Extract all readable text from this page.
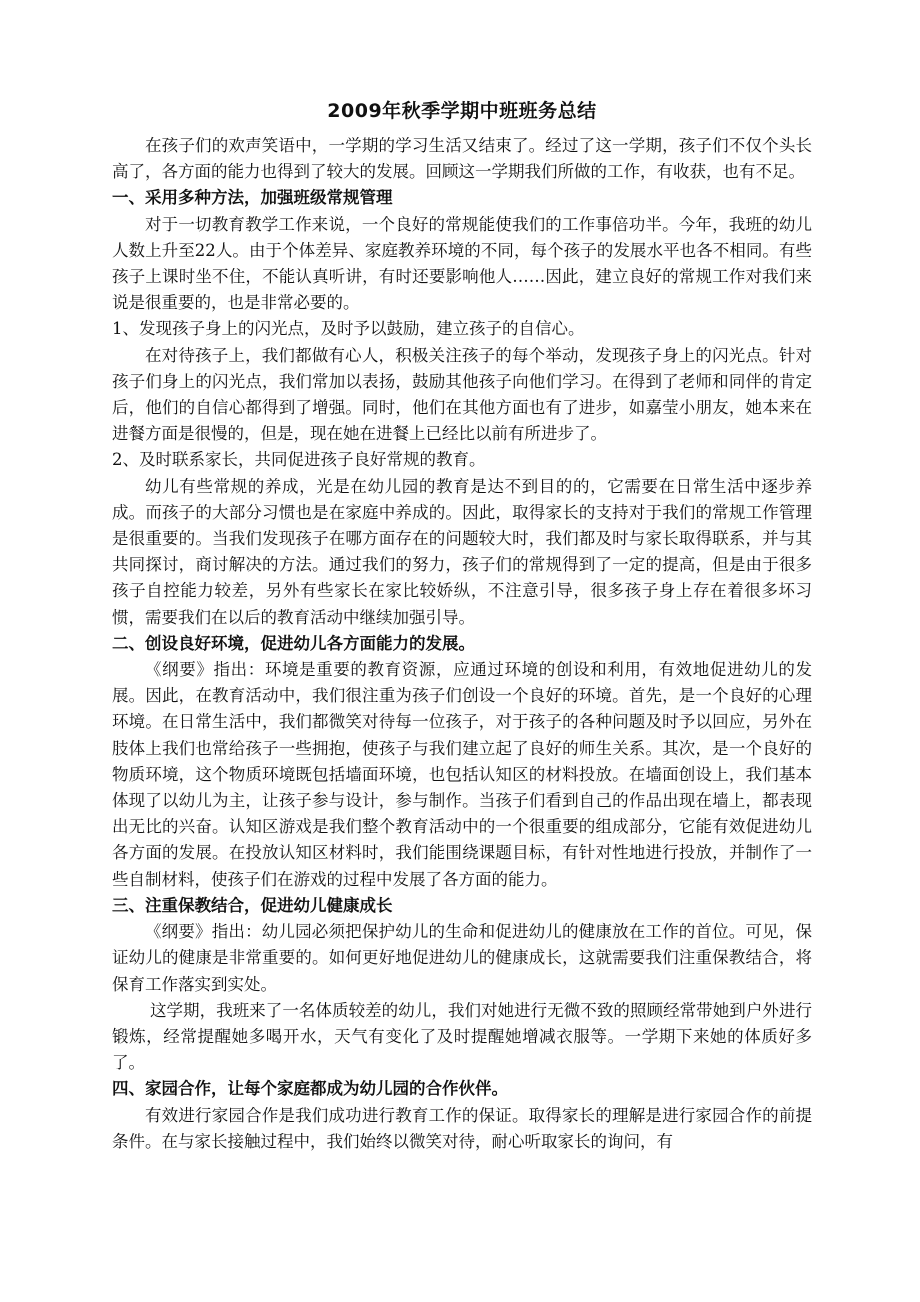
2009年秋季学期中班班务总结

在孩子们的欢声笑语中，一学期的学习生活又结束了。经过了这一学期，孩子们不仅个头长高了，各方面的能力也得到了较大的发展。回顾这一学期我们所做的工作，有收获，也有不足。

一、采用多种方法，加强班级常规管理

对于一切教育教学工作来说，一个良好的常规能使我们的工作事倍功半。今年，我班的幼儿人数上升至22人。由于个体差异、家庭教养环境的不同，每个孩子的发展水平也各不相同。有些孩子上课时坐不住，不能认真听讲，有时还要影响他人……因此，建立良好的常规工作对我们来说是很重要的，也是非常必要的。

1、发现孩子身上的闪光点，及时予以鼓励，建立孩子的自信心。

在对待孩子上，我们都做有心人，积极关注孩子的每个举动，发现孩子身上的闪光点。针对孩子们身上的闪光点，我们常加以表扬，鼓励其他孩子向他们学习。在得到了老师和同伴的肯定后，他们的自信心都得到了增强。同时，他们在其他方面也有了进步，如嘉莹小朋友，她本来在进餐方面是很慢的，但是，现在她在进餐上已经比以前有所进步了。

2、及时联系家长，共同促进孩子良好常规的教育。

幼儿有些常规的养成，光是在幼儿园的教育是达不到目的的，它需要在日常生活中逐步养成。而孩子的大部分习惯也是在家庭中养成的。因此，取得家长的支持对于我们的常规工作管理是很重要的。当我们发现孩子在哪方面存在的问题较大时，我们都及时与家长取得联系，并与其共同探讨，商讨解决的方法。通过我们的努力，孩子们的常规得到了一定的提高，但是由于很多孩子自控能力较差，另外有些家长在家比较娇纵，不注意引导，很多孩子身上存在着很多坏习惯，需要我们在以后的教育活动中继续加强引导。

二、创设良好环境，促进幼儿各方面能力的发展。

《纲要》指出：环境是重要的教育资源，应通过环境的创设和利用，有效地促进幼儿的发展。因此，在教育活动中，我们很注重为孩子们创设一个良好的环境。首先，是一个良好的心理环境。在日常生活中，我们都微笑对待每一位孩子，对于孩子的各种问题及时予以回应，另外在肢体上我们也常给孩子一些拥抱，使孩子与我们建立起了良好的师生关系。其次，是一个良好的物质环境，这个物质环境既包括墙面环境，也包括认知区的材料投放。在墙面创设上，我们基本体现了以幼儿为主，让孩子参与设计，参与制作。当孩子们看到自己的作品出现在墙上，都表现出无比的兴奋。认知区游戏是我们整个教育活动中的一个很重要的组成部分，它能有效促进幼儿各方面的发展。在投放认知区材料时，我们能围绕课题目标，有针对性地进行投放，并制作了一些自制材料，使孩子们在游戏的过程中发展了各方面的能力。

三、注重保教结合，促进幼儿健康成长

《纲要》指出：幼儿园必须把保护幼儿的生命和促进幼儿的健康放在工作的首位。可见，保证幼儿的健康是非常重要的。如何更好地促进幼儿的健康成长，这就需要我们注重保教结合，将保育工作落实到实处。

这学期，我班来了一名体质较差的幼儿，我们对她进行无微不致的照顾经常带她到户外进行锻炼，经常提醒她多喝开水，天气有变化了及时提醒她增减衣服等。一学期下来她的体质好多了。

四、家园合作，让每个家庭都成为幼儿园的合作伙伴。

有效进行家园合作是我们成功进行教育工作的保证。取得家长的理解是进行家园合作的前提条件。在与家长接触过程中，我们始终以微笑对待，耐心听取家长的询问，有
